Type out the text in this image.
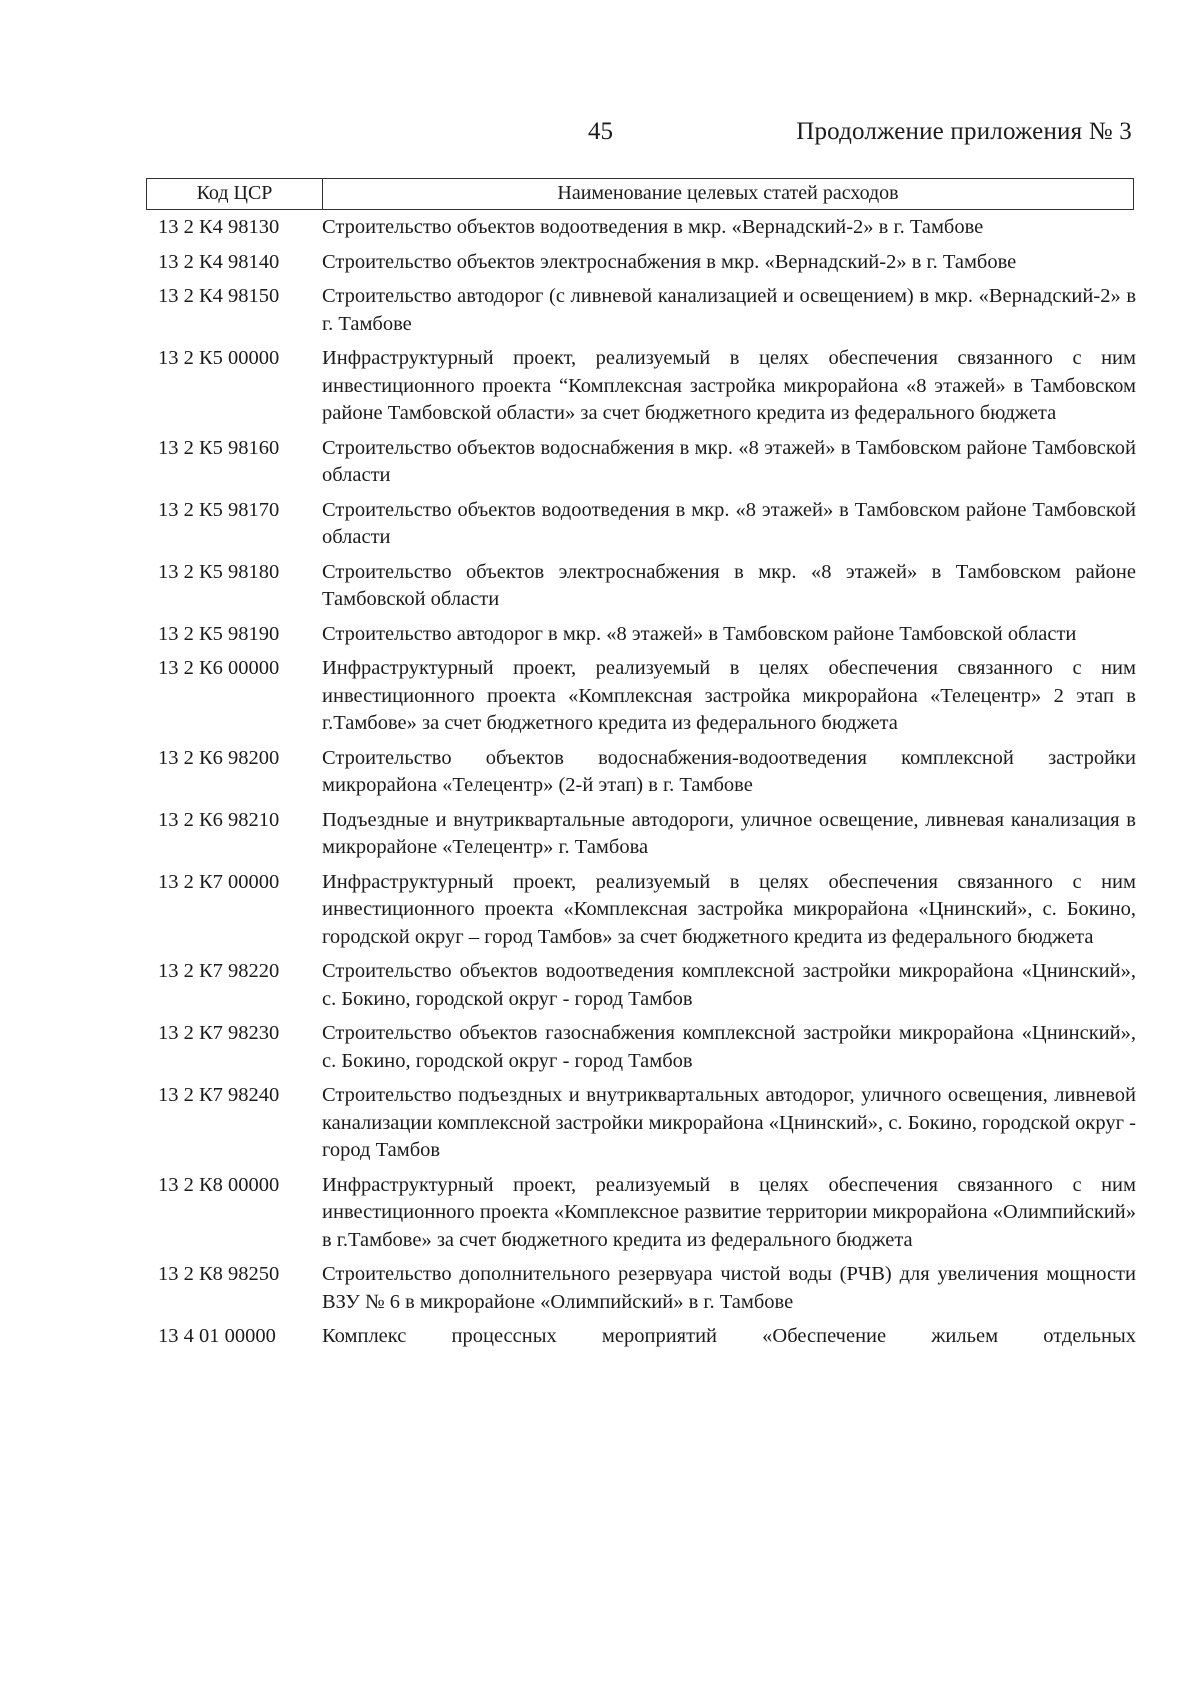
45	Продолжение приложения № 3
Код ЦСР	Наименование целевых статей расходов
13 2 К4 98130	Строительство объектов водоотведения в мкр. «Вернадский-2» в г. Тамбове
13 2 К4 98140	Строительство объектов электроснабжения в мкр. «Вернадский-2» в г. Тамбове
13 2 К4 98150	Строительство автодорог (с ливневой канализацией и освещением) в мкр. «Вернадский-2» в г. Тамбове
13 2 К5 00000	Инфраструктурный проект, реализуемый в целях обеспечения связанного с ним инвестиционного проекта “Комплексная застройка микрорайона «8 этажей» в Тамбовском районе Тамбовской области» за счет бюджетного кредита из федерального бюджета
13 2 К5 98160	Строительство объектов водоснабжения в мкр. «8 этажей» в Тамбовском районе Тамбовской области
13 2 К5 98170	Строительство объектов водоотведения в мкр. «8 этажей» в Тамбовском районе Тамбовской области
13 2 К5 98180	Строительство объектов электроснабжения в мкр. «8 этажей» в Тамбовском районе Тамбовской области
13 2 К5 98190	Строительство автодорог в мкр. «8 этажей» в Тамбовском районе Тамбовской области
13 2 К6 00000	Инфраструктурный проект, реализуемый в целях обеспечения связанного с ним инвестиционного проекта «Комплексная застройка микрорайона «Телецентр» 2 этап в г.Тамбове» за счет бюджетного кредита из федерального бюджета
13 2 К6 98200	Строительство объектов водоснабжения-водоотведения комплексной застройки микрорайона «Телецентр» (2-й этап) в г. Тамбове
13 2 К6 98210	Подъездные и внутриквартальные автодороги, уличное освещение, ливневая канализация в микрорайоне «Телецентр» г. Тамбова
13 2 К7 00000	Инфраструктурный проект, реализуемый в целях обеспечения связанного с ним инвестиционного проекта «Комплексная застройка микрорайона «Цнинский», с. Бокино, городской округ – город Тамбов» за счет бюджетного кредита из федерального бюджета
13 2 К7 98220	Строительство объектов водоотведения комплексной застройки микрорайона «Цнинский», с. Бокино, городской округ - город Тамбов
13 2 К7 98230	Строительство объектов газоснабжения комплексной застройки микрорайона «Цнинский», с. Бокино, городской округ - город Тамбов
13 2 К7 98240	Строительство подъездных и внутриквартальных автодорог, уличного освещения, ливневой канализации комплексной застройки микрорайона «Цнинский», с. Бокино, городской округ - город Тамбов
13 2 К8 00000	Инфраструктурный проект, реализуемый в целях обеспечения связанного с ним инвестиционного проекта «Комплексное развитие территории микрорайона «Олимпийский» в г.Тамбове» за счет бюджетного кредита из федерального бюджета
13 2 К8 98250	Строительство дополнительного резервуара чистой воды (РЧВ) для увеличения мощности ВЗУ № 6 в микрорайоне «Олимпийский» в г. Тамбове
13 4 01 00000	Комплекс процессных мероприятий «Обеспечение жильем отдельных
